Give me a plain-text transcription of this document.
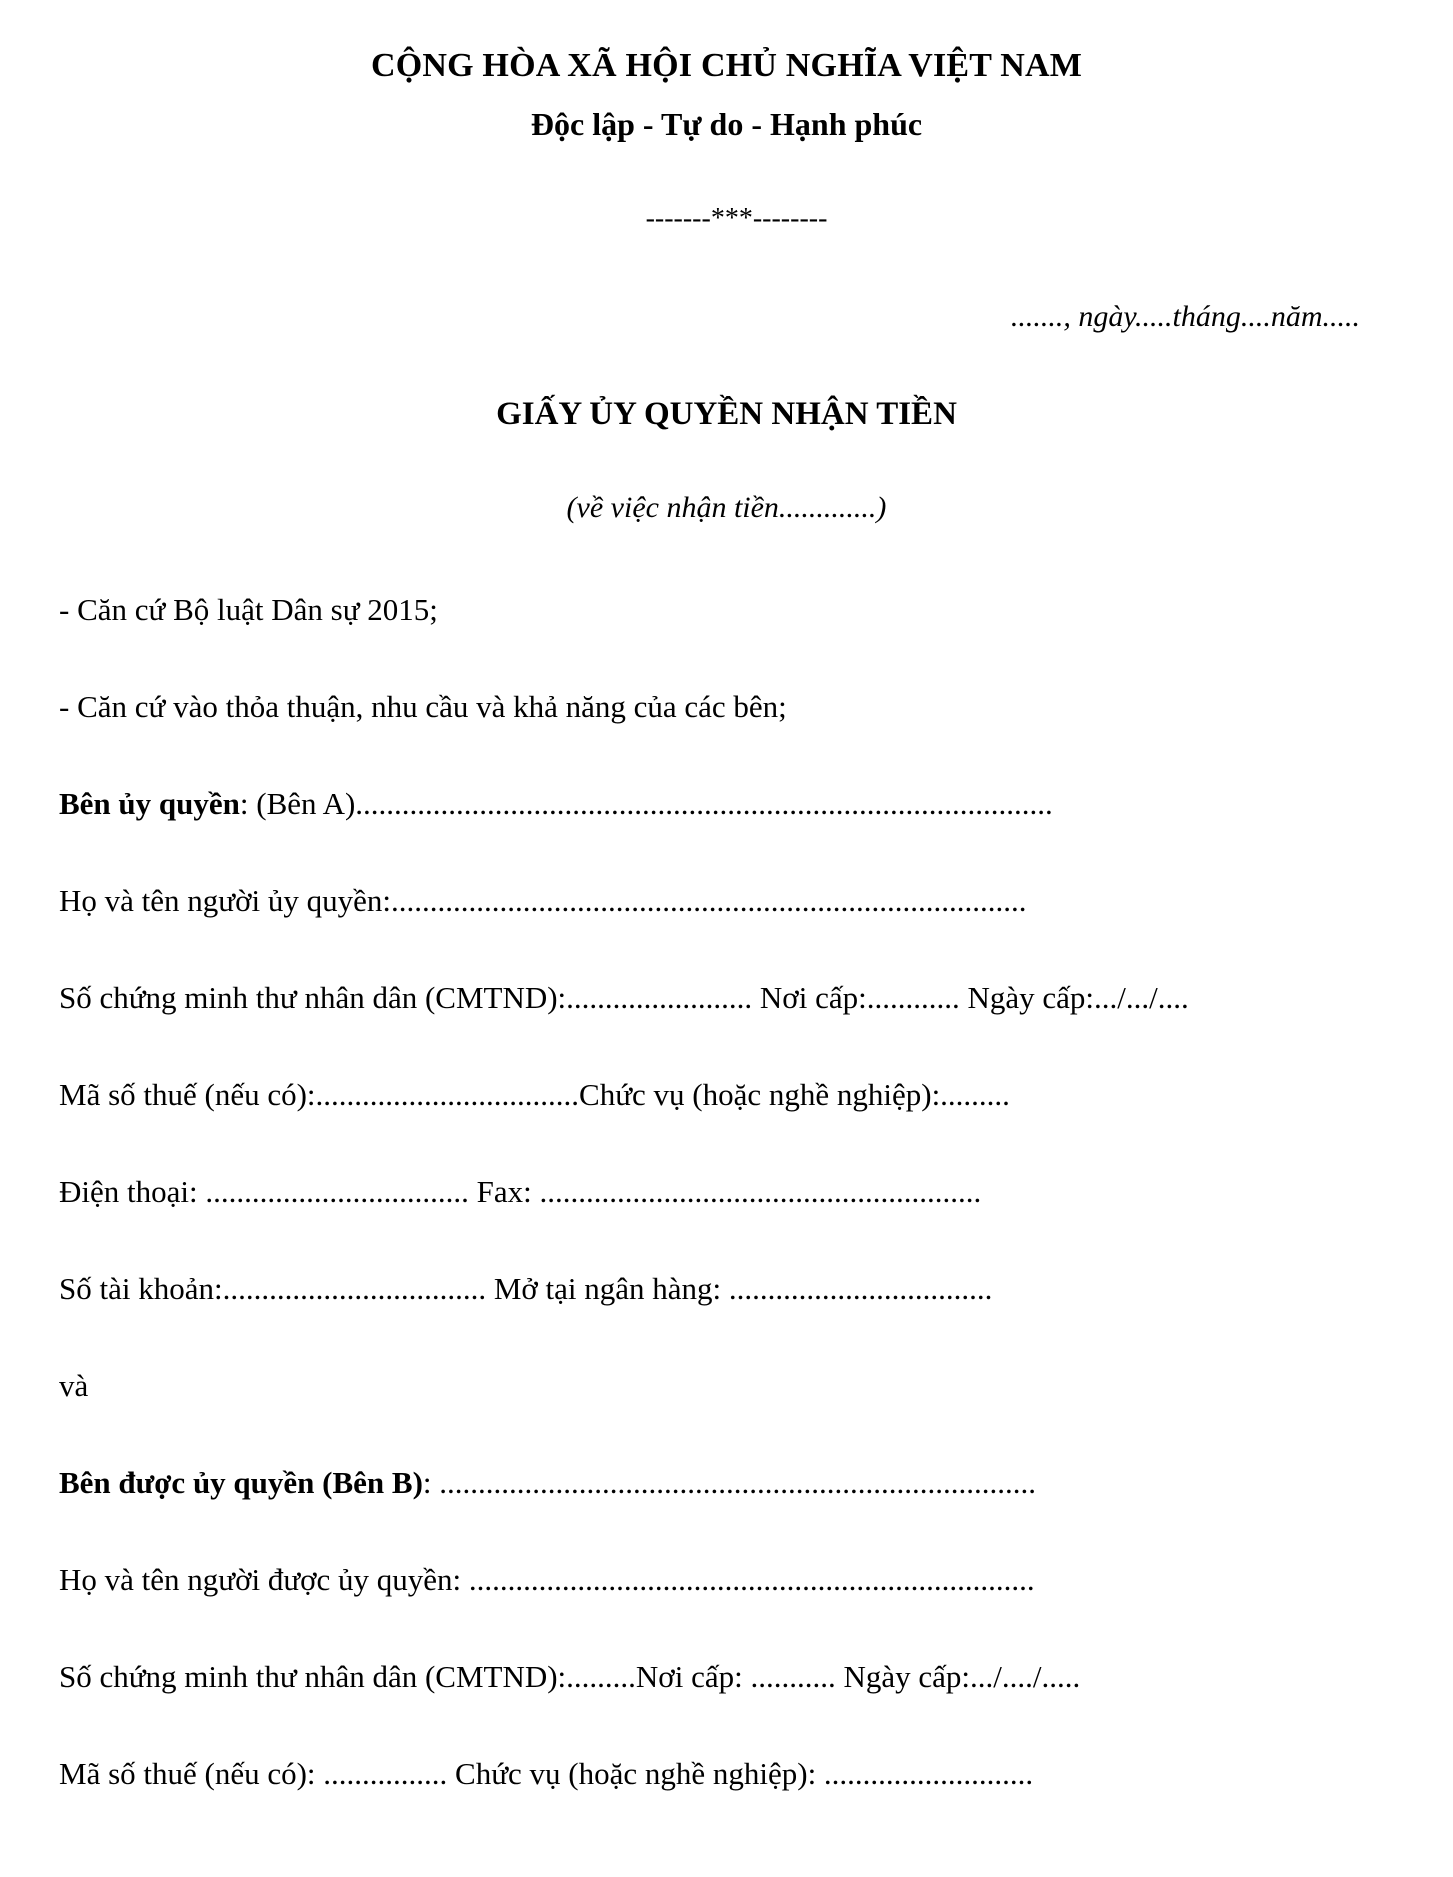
CỘNG HÒA XÃ HỘI CHỦ NGHĨA VIỆT NAM
Độc lập - Tự do - Hạnh phúc
-------***--------
......., ngày.....tháng....năm.....
GIẤY ỦY QUYỀN NHẬN TIỀN
(về việc nhận tiền.............)
- Căn cứ Bộ luật Dân sự 2015;
- Căn cứ vào thỏa thuận, nhu cầu và khả năng của các bên;
Bên ủy quyền: (Bên A)..........................................................................................
Họ và tên người ủy quyền:..................................................................................
Số chứng minh thư nhân dân (CMTND):........................ Nơi cấp:............ Ngày cấp:.../.../....
Mã số thuế (nếu có):..................................Chức vụ (hoặc nghề nghiệp):.........
Điện thoại: .................................. Fax: .........................................................
Số tài khoản:.................................. Mở tại ngân hàng: ..................................
và
Bên được ủy quyền (Bên B): .............................................................................
Họ và tên người được ủy quyền: .........................................................................
Số chứng minh thư nhân dân (CMTND):.........Nơi cấp: ........... Ngày cấp:.../..../.....
Mã số thuế (nếu có): ................ Chức vụ (hoặc nghề nghiệp): ...........................
